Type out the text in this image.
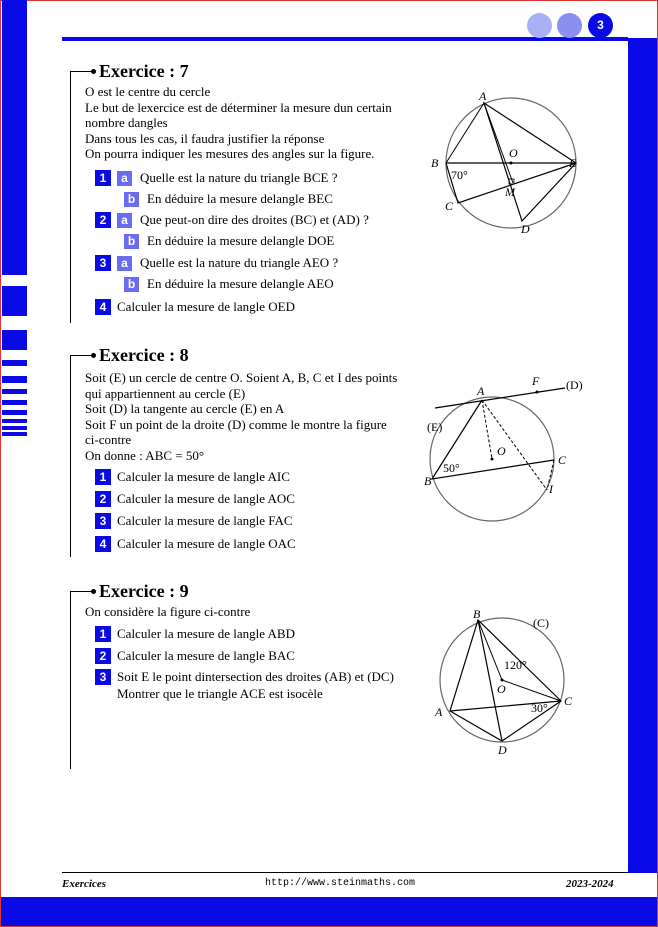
3
Exercice : 7
O est le centre du cercle
Le but de lexercice est de déterminer la mesure dun certain
nombre dangles
Dans tous les cas, il faudra justifier la réponse
On pourra indiquer les mesures des angles sur la figure.
1	a Quelle est la nature du triangle BCE ?
b En déduire la mesure delangle BEC
2	a Que peut-on dire des droites (BC) et (AD) ?
b En déduire la mesure delangle DOE
3	a Quelle est la nature du triangle AEO ?
b En déduire la mesure delangle AEO
4 Calculer la mesure de langle OED
A
B
C
D
E
O
M
70°
Exercice : 8
Soit (E) un cercle de centre O. Soient A, B, C et I des points
qui appartiennent au cercle (E)
Soit (D) la tangente au cercle (E) en A
Soit F un point de la droite (D) comme le montre la figure
ci-contre
On donne : ABC = 50°
1 Calculer la mesure de langle AIC
2 Calculer la mesure de langle AOC
3 Calculer la mesure de langle FAC
4 Calculer la mesure de langle OAC
A
B
C
I
O
F (D)
(E)
50°
Exercice : 9
On considère la figure ci-contre
1 Calculer la mesure de langle ABD
2 Calculer la mesure de langle BAC
3 Soit E le point dintersection des droites (AB) et (DC)
Montrer que le triangle ACE est isocèle
B
A
C
D
O
(C)
120°
30°
Exercices	http://www.steinmaths.com	2023-2024
